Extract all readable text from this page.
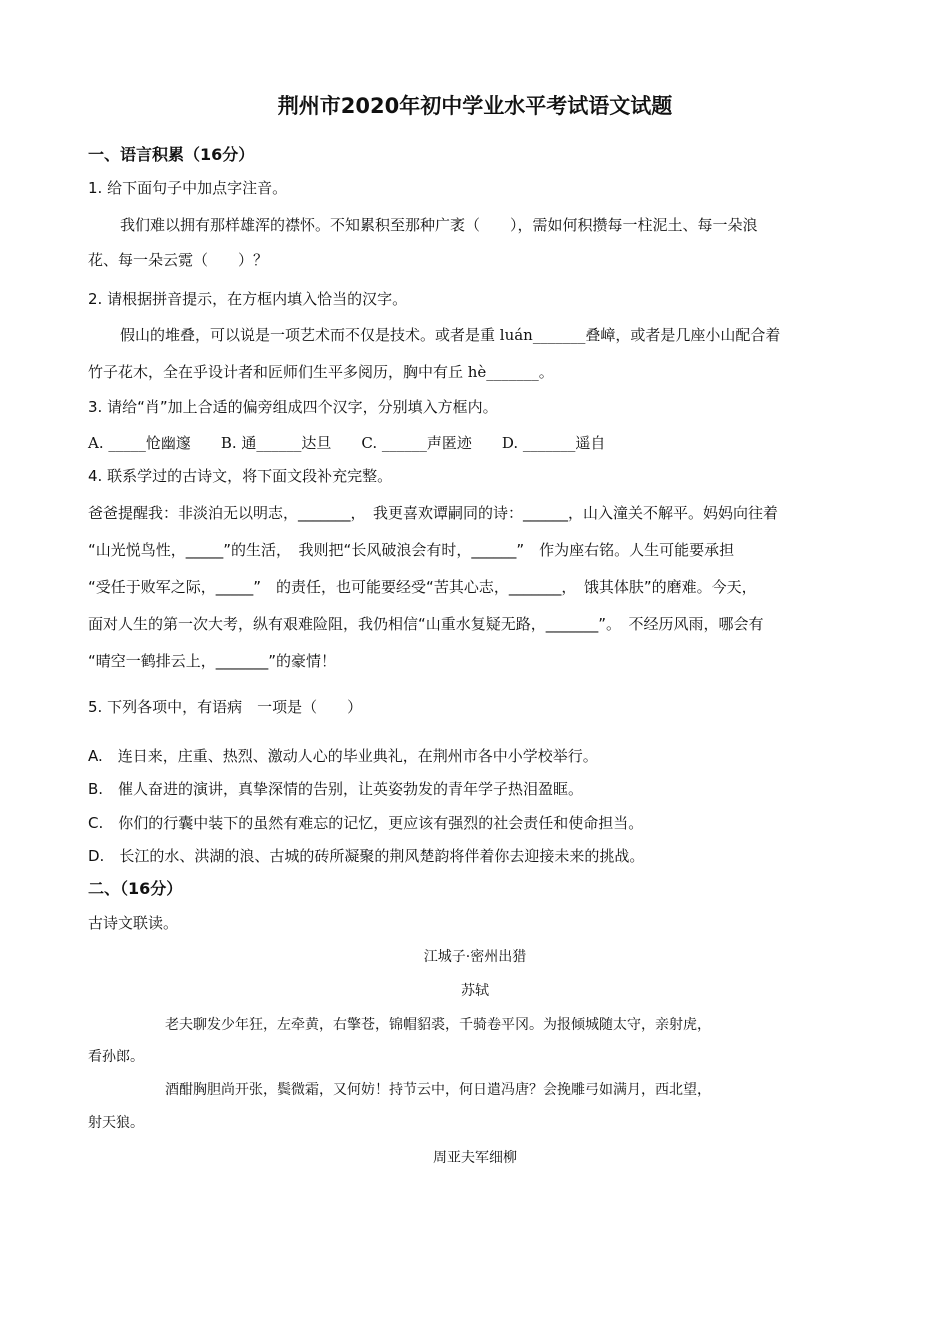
荆州市2020年初中学业水平考试语文试题
一、语言积累（16分）
1. 给下面句子中加点字注音。
我们难以拥有那样雄浑的襟怀。不知累积至那种广袤（　　），需如何积攒每一柱泥土、每一朵浪
花、每一朵云霓（　　）？
2. 请根据拼音提示，在方框内填入恰当的汉字。
假山的堆叠，可以说是一项艺术而不仅是技术。或者是重 luán_______叠嶂，或者是几座小山配合着
竹子花木，全在乎设计者和匠师们生平多阅历，胸中有丘 hè_______。
3. 请给“肖”加上合适的偏旁组成四个汉字，分别填入方框内。
A. _____怆幽邃　　B. 通______达旦　　C. ______声匿迹　　D. _______遥自
4. 联系学过的古诗文，将下面文段补充完整。
爸爸提醒我：非淡泊无以明志，_______，　我更喜欢谭嗣同的诗：______，山入潼关不解平。妈妈向往着
“山光悦鸟性，_____”的生活，　我则把“长风破浪会有时，______”　作为座右铭。人生可能要承担
“受任于败军之际，_____”　的责任，也可能要经受“苦其心志，_______，　饿其体肤”的磨难。今天，
面对人生的第一次大考，纵有艰难险阻，我仍相信“山重水复疑无路，_______”。　不经历风雨，哪会有
“晴空一鹤排云上，_______”的豪情！
5. 下列各项中，有语病　一项是（　　）
A.　连日来，庄重、热烈、激动人心的毕业典礼，在荆州市各中小学校举行。
B.　催人奋进的演讲，真挚深情的告别，让英姿勃发的青年学子热泪盈眶。
C.　你们的行囊中装下的虽然有难忘的记忆，更应该有强烈的社会责任和使命担当。
D.　长江的水、洪湖的浪、古城的砖所凝聚的荆风楚韵将伴着你去迎接未来的挑战。
二、（16分）
古诗文联读。
江城子·密州出猎
苏轼
老夫聊发少年狂，左牵黄，右擎苍，锦帽貂裘，千骑卷平冈。为报倾城随太守，亲射虎，
看孙郎。
酒酣胸胆尚开张，鬓微霜，又何妨！持节云中，何日遣冯唐？会挽雕弓如满月，西北望，
射天狼。
周亚夫军细柳
